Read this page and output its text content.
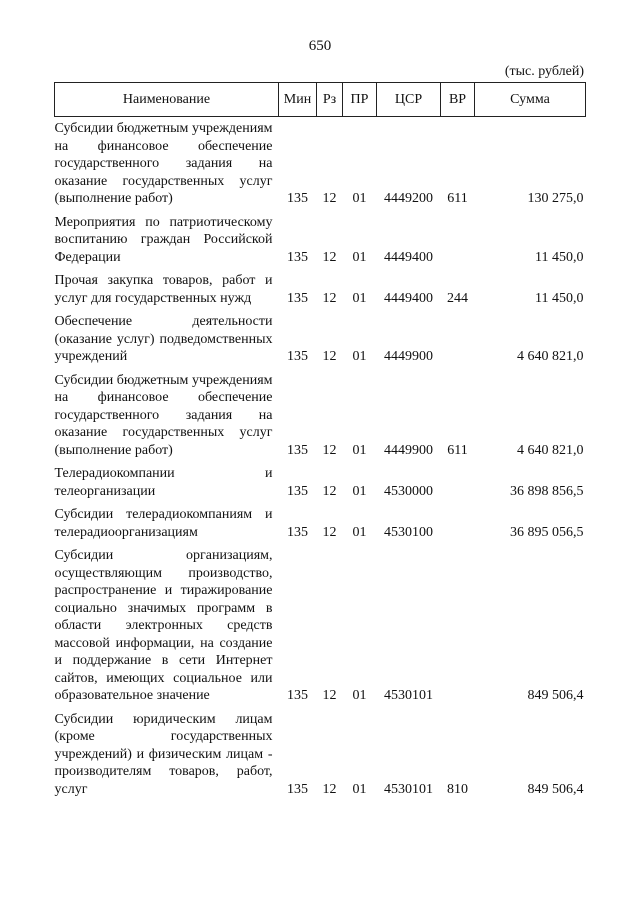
650
(тыс. рублей)
Наименование	Мин	Рз	ПР	ЦСР	ВР	Сумма
Субсидии бюджетным учреждениям на финансовое обеспечение государственного задания на оказание государственных услуг (выполнение работ)	135	12	01	4449200	611	130 275,0
Мероприятия по патриотическому воспитанию граждан Российской Федерации	135	12	01	4449400		11 450,0
Прочая закупка товаров, работ и услуг для государственных нужд	135	12	01	4449400	244	11 450,0
Обеспечение деятельности (оказание услуг) подведомственных учреждений	135	12	01	4449900		4 640 821,0
Субсидии бюджетным учреждениям на финансовое обеспечение государственного задания на оказание государственных услуг (выполнение работ)	135	12	01	4449900	611	4 640 821,0
Телерадиокомпании и телеорганизации	135	12	01	4530000		36 898 856,5
Субсидии телерадиокомпаниям и телерадиоорганизациям	135	12	01	4530100		36 895 056,5
Субсидии организациям, осуществляющим производство, распространение и тиражирование социально значимых программ в области электронных средств массовой информации, на создание и поддержание в сети Интернет сайтов, имеющих социальное или образовательное значение	135	12	01	4530101		849 506,4
Субсидии юридическим лицам (кроме государственных учреждений) и физическим лицам - производителям товаров, работ, услуг	135	12	01	4530101	810	849 506,4
